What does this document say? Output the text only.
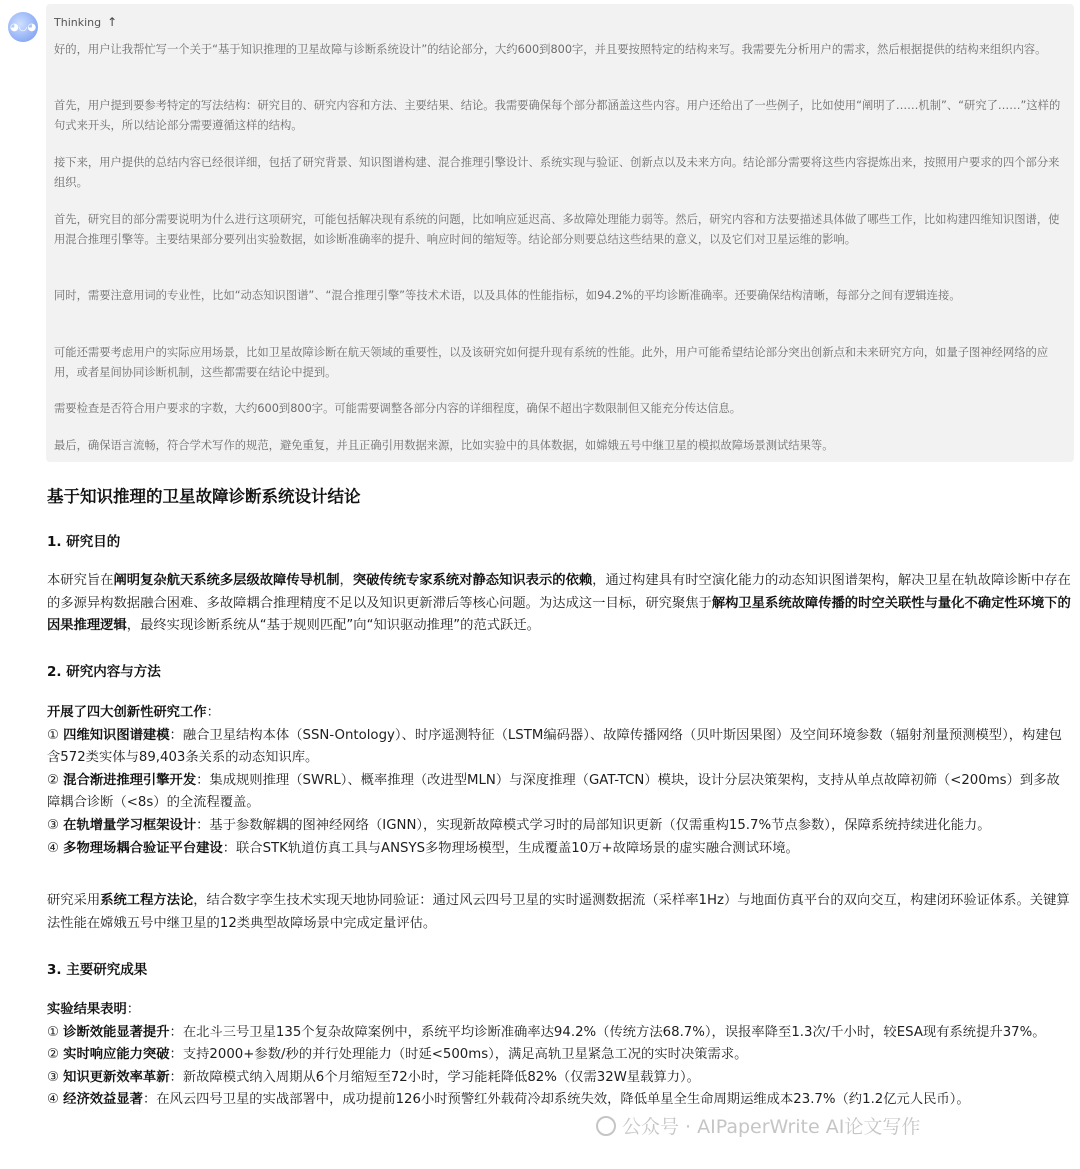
◕◡◕ Thinking ↑

好的，用户让我帮忙写一个关于“基于知识推理的卫星故障与诊断系统设计”的结论部分，大约600到800字，并且要按照特定的结构来写。我需要先分析用户的需求，然后根据提供的结构来组织内容。

首先，用户提到要参考特定的写法结构：研究目的、研究内容和方法、主要结果、结论。我需要确保每个部分都涵盖这些内容。用户还给出了一些例子，比如使用“阐明了……机制”、“研究了……”这样的句式来开头，所以结论部分需要遵循这样的结构。

接下来，用户提供的总结内容已经很详细，包括了研究背景、知识图谱构建、混合推理引擎设计、系统实现与验证、创新点以及未来方向。结论部分需要将这些内容提炼出来，按照用户要求的四个部分来组织。

首先，研究目的部分需要说明为什么进行这项研究，可能包括解决现有系统的问题，比如响应延迟高、多故障处理能力弱等。然后，研究内容和方法要描述具体做了哪些工作，比如构建四维知识图谱，使用混合推理引擎等。主要结果部分要列出实验数据，如诊断准确率的提升、响应时间的缩短等。结论部分则要总结这些结果的意义，以及它们对卫星运维的影响。

同时，需要注意用词的专业性，比如“动态知识图谱”、“混合推理引擎”等技术术语，以及具体的性能指标，如94.2%的平均诊断准确率。还要确保结构清晰，每部分之间有逻辑连接。

可能还需要考虑用户的实际应用场景，比如卫星故障诊断在航天领域的重要性，以及该研究如何提升现有系统的性能。此外，用户可能希望结论部分突出创新点和未来研究方向，如量子图神经网络的应用，或者星间协同诊断机制，这些都需要在结论中提到。

需要检查是否符合用户要求的字数，大约600到800字。可能需要调整各部分内容的详细程度，确保不超出字数限制但又能充分传达信息。

最后，确保语言流畅，符合学术写作的规范，避免重复，并且正确引用数据来源，比如实验中的具体数据，如嫦娥五号中继卫星的模拟故障场景测试结果等。

基于知识推理的卫星故障诊断系统设计结论
1. 研究目的

本研究旨在阐明复杂航天系统多层级故障传导机制，突破传统专家系统对静态知识表示的依赖，通过构建具有时空演化能力的动态知识图谱架构，解决卫星在轨故障诊断中存在的多源异构数据融合困难、多故障耦合推理精度不足以及知识更新滞后等核心问题。为达成这一目标，研究聚焦于解构卫星系统故障传播的时空关联性与量化不确定性环境下的因果推理逻辑，最终实现诊断系统从“基于规则匹配”向“知识驱动推理”的范式跃迁。

2. 研究内容与方法

开展了四大创新性研究工作：

① 四维知识图谱建模：融合卫星结构本体（SSN-Ontology）、时序遥测特征（LSTM编码器）、故障传播网络（贝叶斯因果图）及空间环境参数（辐射剂量预测模型），构建包含572类实体与89,403条关系的动态知识库。

② 混合渐进推理引擎开发：集成规则推理（SWRL）、概率推理（改进型MLN）与深度推理（GAT-TCN）模块，设计分层决策架构，支持从单点故障初筛（<200ms）到多故障耦合诊断（<8s）的全流程覆盖。

③ 在轨增量学习框架设计：基于参数解耦的图神经网络（IGNN），实现新故障模式学习时的局部知识更新（仅需重构15.7%节点参数），保障系统持续进化能力。

④ 多物理场耦合验证平台建设：联合STK轨道仿真工具与ANSYS多物理场模型，生成覆盖10万+故障场景的虚实融合测试环境。

研究采用系统工程方法论，结合数字孪生技术实现天地协同验证：通过风云四号卫星的实时遥测数据流（采样率1Hz）与地面仿真平台的双向交互，构建闭环验证体系。关键算法性能在嫦娥五号中继卫星的12类典型故障场景中完成定量评估。

3. 主要研究成果

实验结果表明：

① 诊断效能显著提升：在北斗三号卫星135个复杂故障案例中，系统平均诊断准确率达94.2%（传统方法68.7%），误报率降至1.3次/千小时，较ESA现有系统提升37%。

② 实时响应能力突破：支持2000+参数/秒的并行处理能力（时延<500ms），满足高轨卫星紧急工况的实时决策需求。

③ 知识更新效率革新：新故障模式纳入周期从6个月缩短至72小时，学习能耗降低82%（仅需32W星载算力）。

④ 经济效益显著：在风云四号卫星的实战部署中，成功提前126小时预警红外载荷冷却系统失效，降低单星全生命周期运维成本23.7%（约1.2亿元人民币）。

公众号 · AIPaperWrite AI论文写作
